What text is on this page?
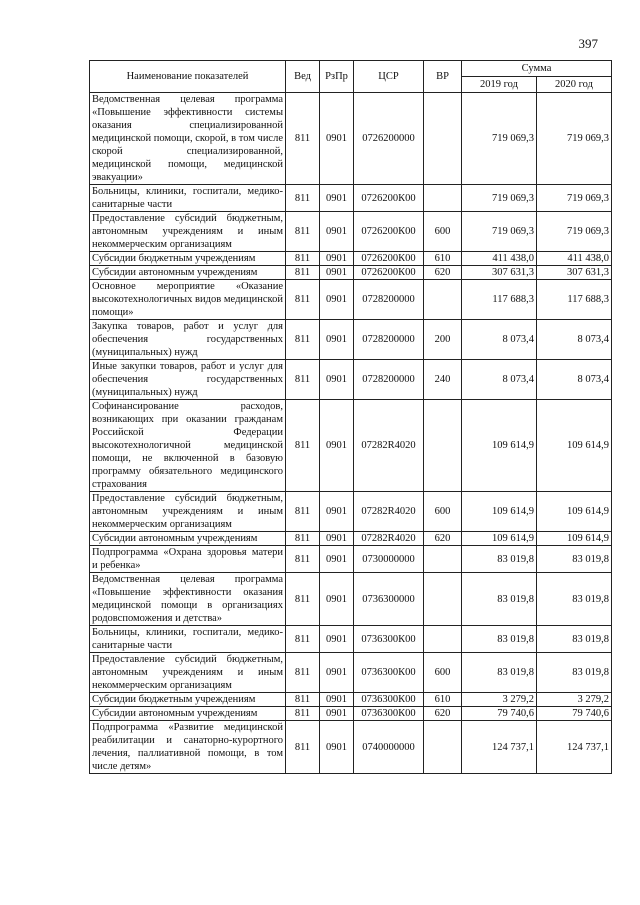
397
Наименование показателей	Вед	РзПр	ЦСР	ВР	Сумма	
					2019 год	2020 год
Ведомственная целевая программа «Повышение эффективности системы оказания специализированной медицинской помощи, скорой, в том числе скорой специализированной, медицинской помощи, медицинской эвакуации»	811	0901	0726200000		719 069,3	719 069,3
Больницы, клиники, госпитали, медико-санитарные части	811	0901	0726200К00		719 069,3	719 069,3
Предоставление субсидий бюджетным, автономным учреждениям и иным некоммерческим организациям	811	0901	0726200К00	600	719 069,3	719 069,3
Субсидии бюджетным учреждениям	811	0901	0726200К00	610	411 438,0	411 438,0
Субсидии автономным учреждениям	811	0901	0726200К00	620	307 631,3	307 631,3
Основное мероприятие «Оказание высокотехнологичных видов медицинской помощи»	811	0901	0728200000		117 688,3	117 688,3
Закупка товаров, работ и услуг для обеспечения государственных (муниципальных) нужд	811	0901	0728200000	200	8 073,4	8 073,4
Иные закупки товаров, работ и услуг для обеспечения государственных (муниципальных) нужд	811	0901	0728200000	240	8 073,4	8 073,4
Софинансирование расходов, возникающих при оказании гражданам Российской Федерации высокотехнологичной медицинской помощи, не включенной в базовую программу обязательного медицинского страхования	811	0901	07282R4020		109 614,9	109 614,9
Предоставление субсидий бюджетным, автономным учреждениям и иным некоммерческим организациям	811	0901	07282R4020	600	109 614,9	109 614,9
Субсидии автономным учреждениям	811	0901	07282R4020	620	109 614,9	109 614,9
Подпрограмма «Охрана здоровья матери и ребенка»	811	0901	0730000000		83 019,8	83 019,8
Ведомственная целевая программа «Повышение эффективности оказания медицинской помощи в организациях родовспоможения и детства»	811	0901	0736300000		83 019,8	83 019,8
Больницы, клиники, госпитали, медико-санитарные части	811	0901	0736300К00		83 019,8	83 019,8
Предоставление субсидий бюджетным, автономным учреждениям и иным некоммерческим организациям	811	0901	0736300К00	600	83 019,8	83 019,8
Субсидии бюджетным учреждениям	811	0901	0736300К00	610	3 279,2	3 279,2
Субсидии автономным учреждениям	811	0901	0736300К00	620	79 740,6	79 740,6
Подпрограмма «Развитие медицинской реабилитации и санаторно-курортного лечения, паллиативной помощи, в том числе детям»	811	0901	0740000000		124 737,1	124 737,1
